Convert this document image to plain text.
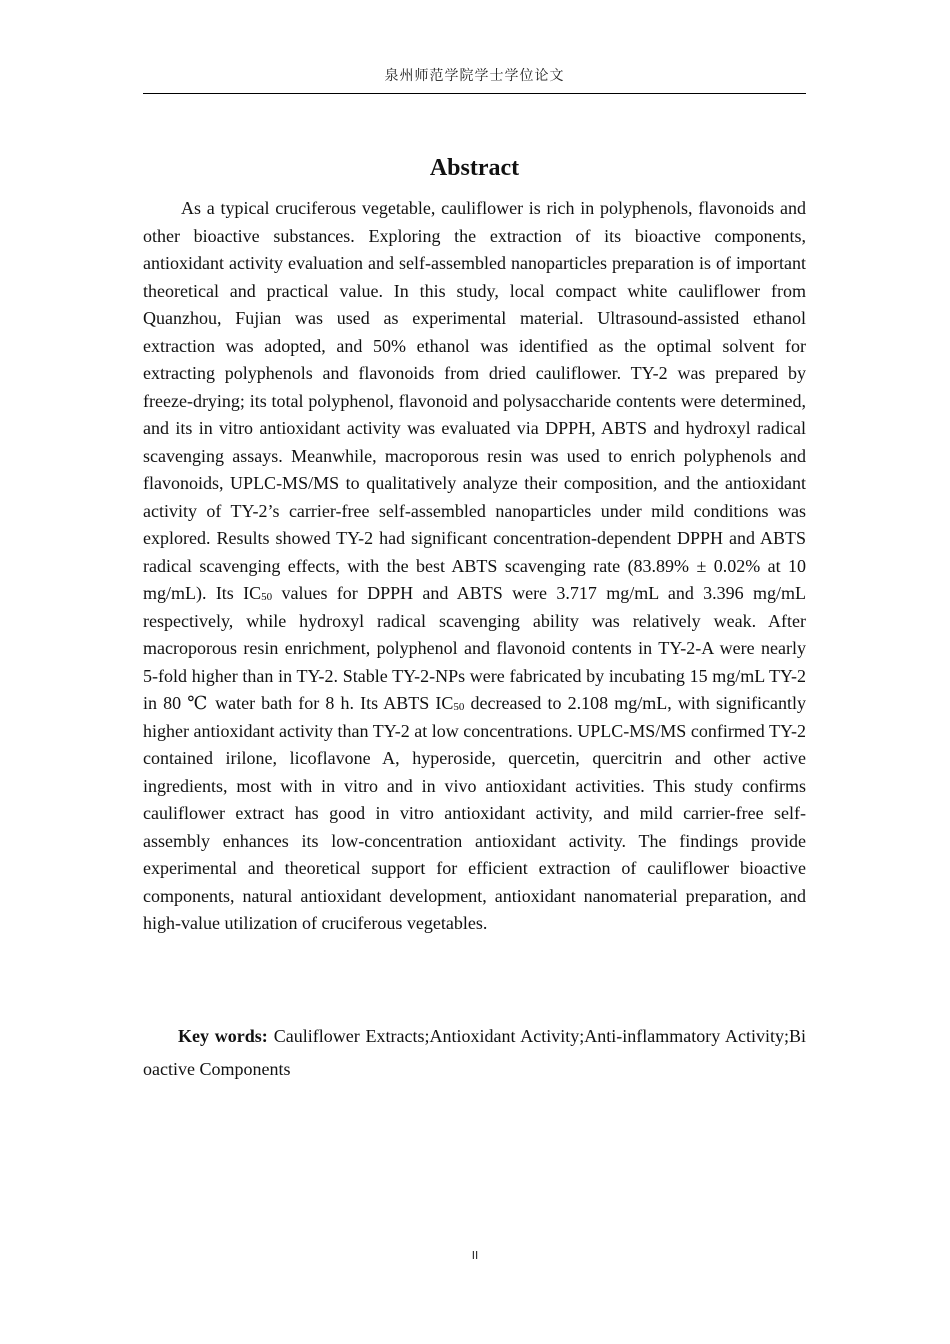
泉州师范学院学士学位论文
Abstract

As a typical cruciferous vegetable, cauliflower is rich in polyphenols, flavonoids and other bioactive substances. Exploring the extraction of its bioactive components, antioxidant activity evaluation and self-assembled nanoparticles preparation is of important theoretical and practical value. In this study, local compact white cauliflower from Quanzhou, Fujian was used as experimental material. Ultrasound-assisted ethanol extraction was adopted, and 50% ethanol was identified as the optimal solvent for extracting polyphenols and flavonoids from dried cauliflower. TY-2 was prepared by freeze-drying; its total polyphenol, flavonoid and polysaccharide contents were determined, and its in vitro antioxidant activity was evaluated via DPPH, ABTS and hydroxyl radical scavenging assays. Meanwhile, macroporous resin was used to enrich polyphenols and flavonoids, UPLC-MS/MS to qualitatively analyze their composition, and the antioxidant activity of TY-2’s carrier-free self-assembled nanoparticles under mild conditions was explored. Results showed TY-2 had significant concentration-dependent DPPH and ABTS radical scavenging effects, with the best ABTS scavenging rate (83.89% ± 0.02% at 10 mg/mL). Its $IC_{50}$ values for DPPH and ABTS were 3.717 mg/mL and 3.396 mg/mL respectively, while hydroxyl radical scavenging ability was relatively weak. After macroporous resin enrichment, polyphenol and flavonoid contents in TY-2-A were nearly 5-fold higher than in TY-2. Stable TY-2-NPs were fabricated by incubating 15 mg/mL TY-2 in 80 ℃ water bath for 8 h. Its ABTS $IC_{50}$ decreased to 2.108 mg/mL, with significantly higher antioxidant activity than TY-2 at low concentrations. UPLC-MS/MS confirmed TY-2 contained irilone, licoflavone A, hyperoside, quercetin, quercitrin and other active ingredients, most with in vitro and in vivo antioxidant activities. This study confirms cauliflower extract has good in vitro antioxidant activity, and mild carrier-free self-assembly enhances its low-concentration antioxidant activity. The findings provide experimental and theoretical support for efficient extraction of cauliflower bioactive components, natural antioxidant development, antioxidant nanomaterial preparation, and high-value utilization of cruciferous vegetables.

Key words: Cauliflower Extracts;Antioxidant Activity;Anti-inflammatory Activity;Bioactive Components

II
